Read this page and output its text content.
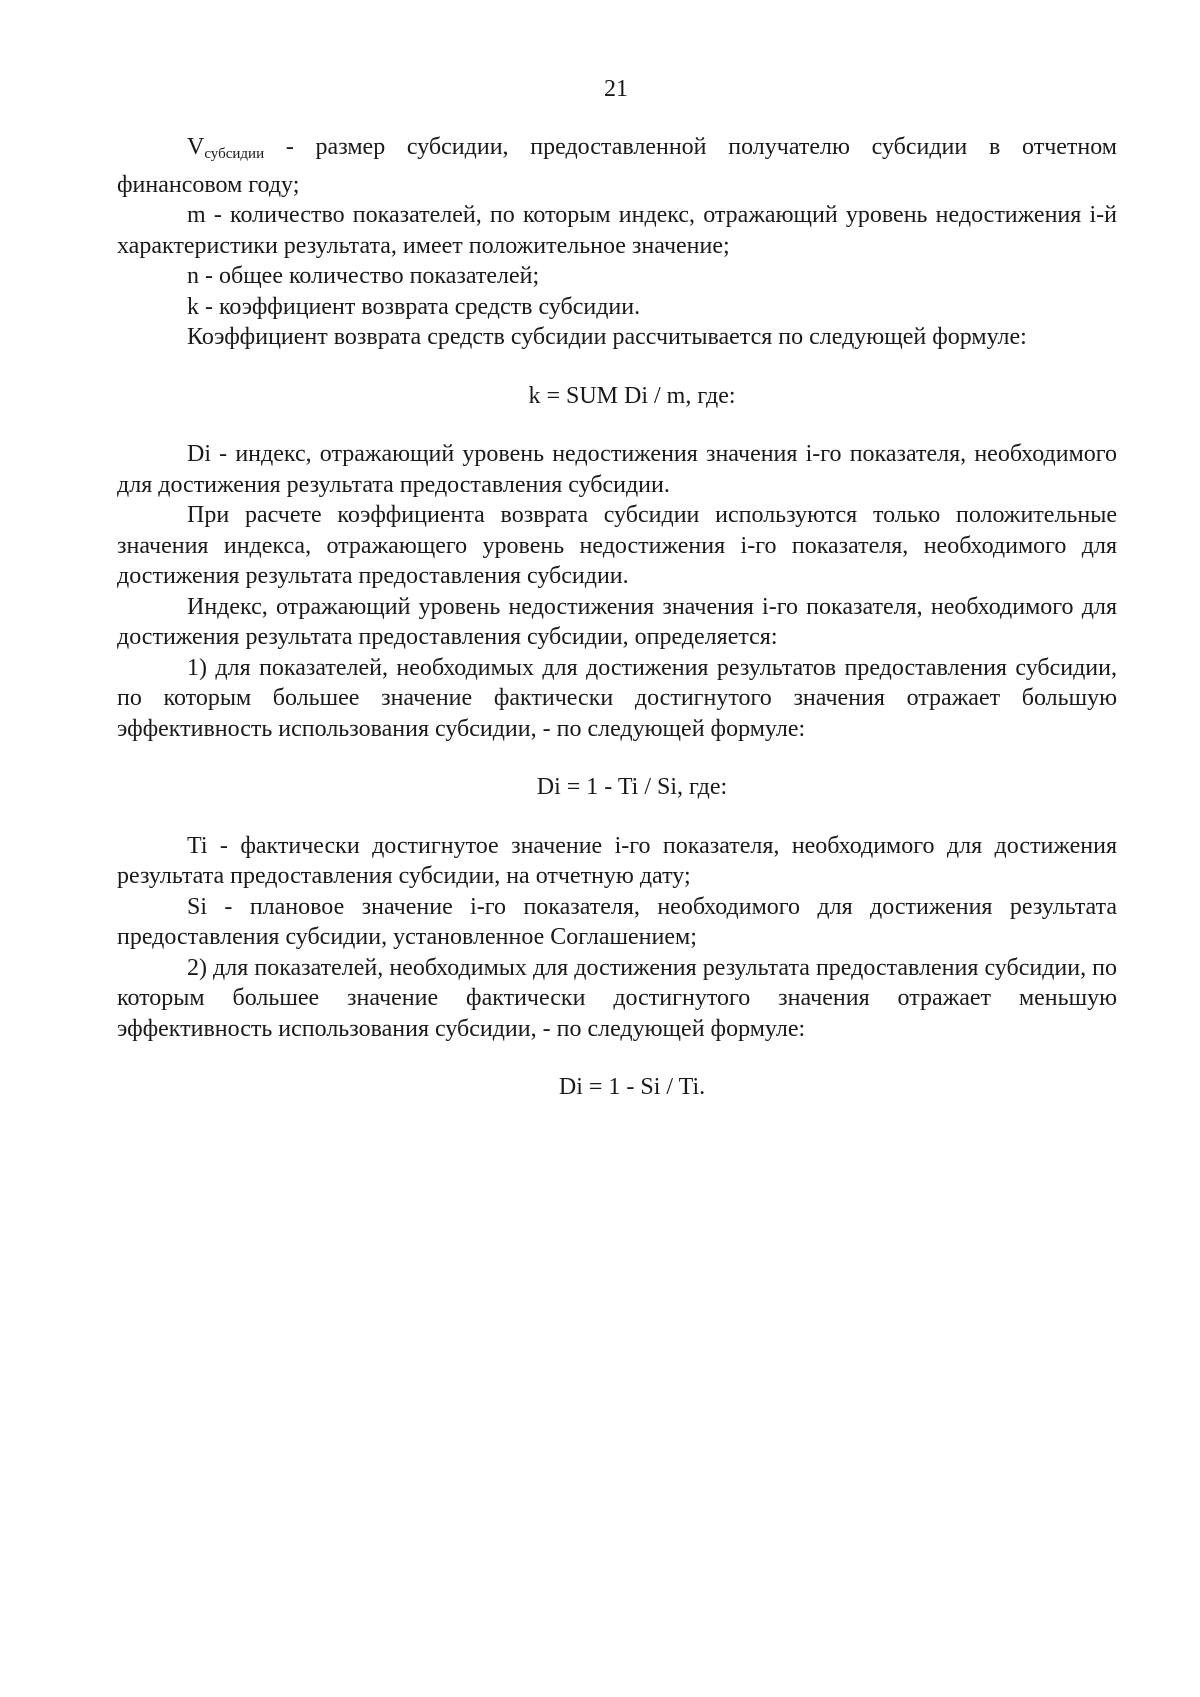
21

$V_{субсидии}$ - размер субсидии, предоставленной получателю субсидии в отчетном финансовом году;

m - количество показателей, по которым индекс, отражающий уровень недостижения i-й характеристики результата, имеет положительное значение;

n - общее количество показателей;

k - коэффициент возврата средств субсидии.

Коэффициент возврата средств субсидии рассчитывается по следующей формуле:

k = SUM Di / m, где:

Di - индекс, отражающий уровень недостижения значения i-го показателя, необходимого для достижения результата предоставления субсидии.

При расчете коэффициента возврата субсидии используются только положительные значения индекса, отражающего уровень недостижения i-го показателя, необходимого для достижения результата предоставления субсидии.

Индекс, отражающий уровень недостижения значения i-го показателя, необходимого для достижения результата предоставления субсидии, определяется:

1) для показателей, необходимых для достижения результатов предоставления субсидии, по которым большее значение фактически достигнутого значения отражает большую эффективность использования субсидии, - по следующей формуле:

Di = 1 - Ti / Si, где:

Ti - фактически достигнутое значение i-го показателя, необходимого для достижения результата предоставления субсидии, на отчетную дату;

Si - плановое значение i-го показателя, необходимого для достижения результата предоставления субсидии, установленное Соглашением;

2) для показателей, необходимых для достижения результата предоставления субсидии, по которым большее значение фактически достигнутого значения отражает меньшую эффективность использования субсидии, - по следующей формуле:

Di = 1 - Si / Ti.
